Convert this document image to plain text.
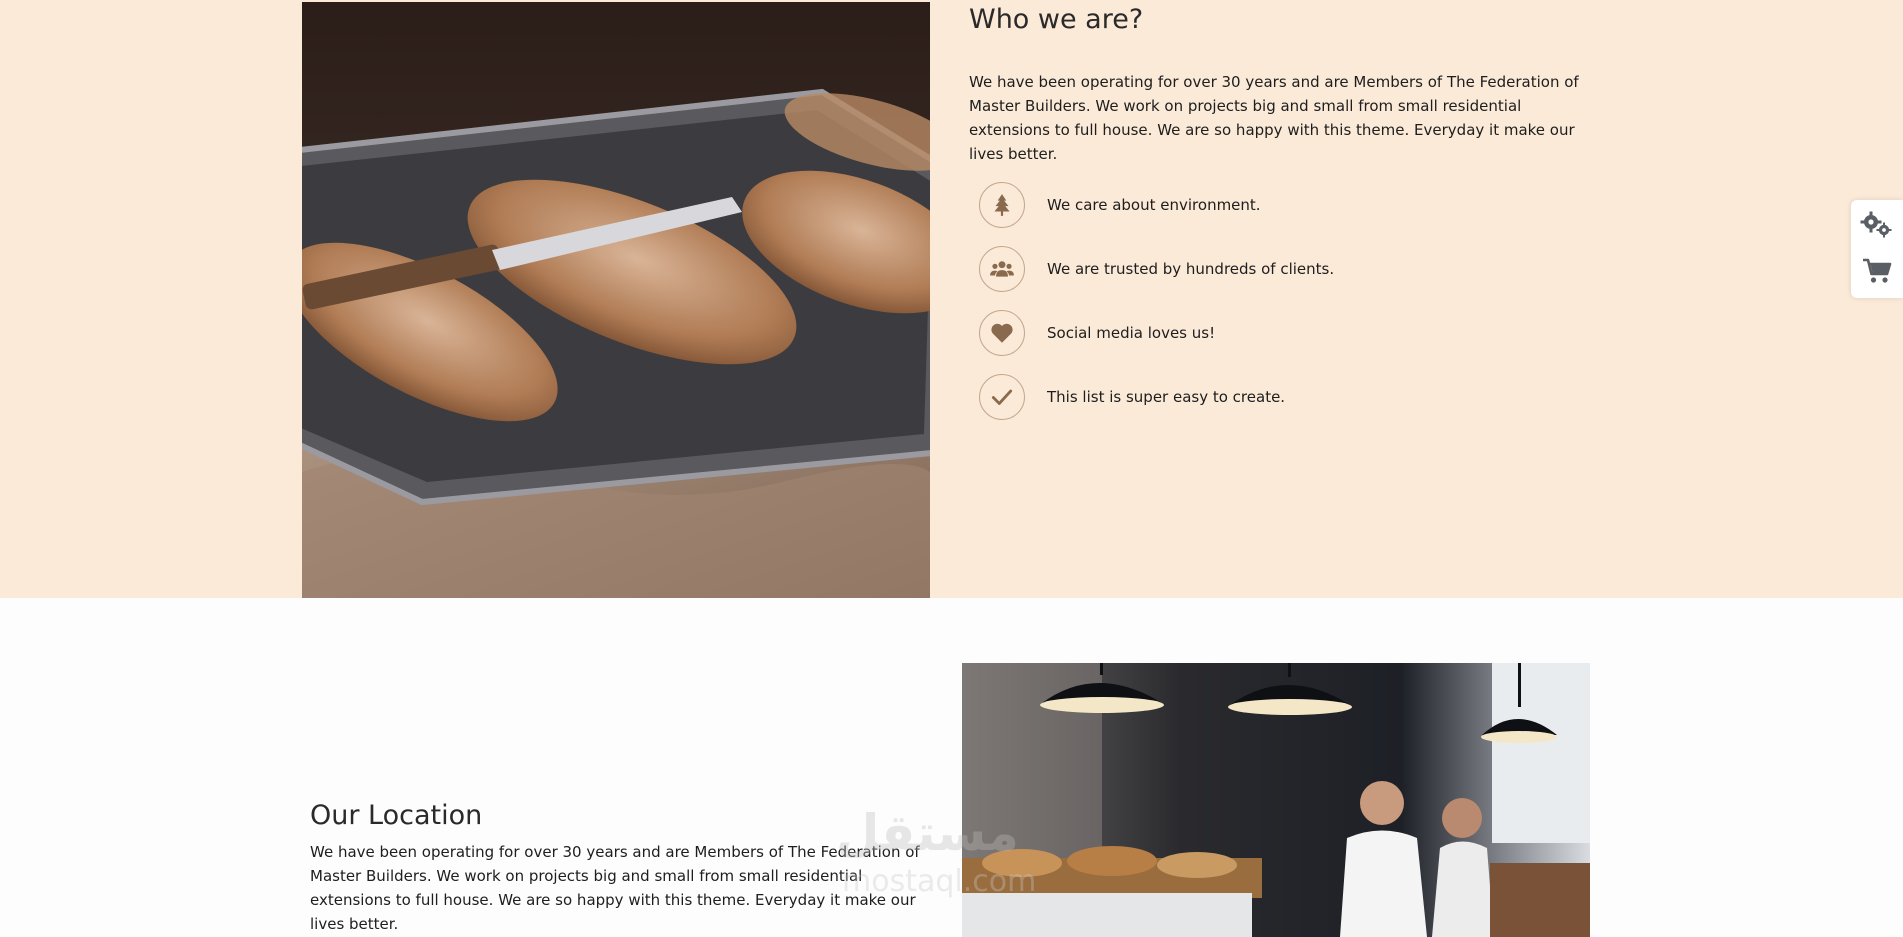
Who we are?

We have been operating for over 30 years and are Members of The Federation of Master Builders. We work on projects big and small from small residential extensions to full house. We are so happy with this theme. Everyday it make our lives better.

We care about environment.
We are trusted by hundreds of clients.
Social media loves us!
This list is super easy to create.
Our Location

We have been operating for over 30 years and are Members of The Federation of Master Builders. We work on projects big and small from small residential extensions to full house. We are so happy with this theme. Everyday it make our lives better.

مستقل
mostaql.com
